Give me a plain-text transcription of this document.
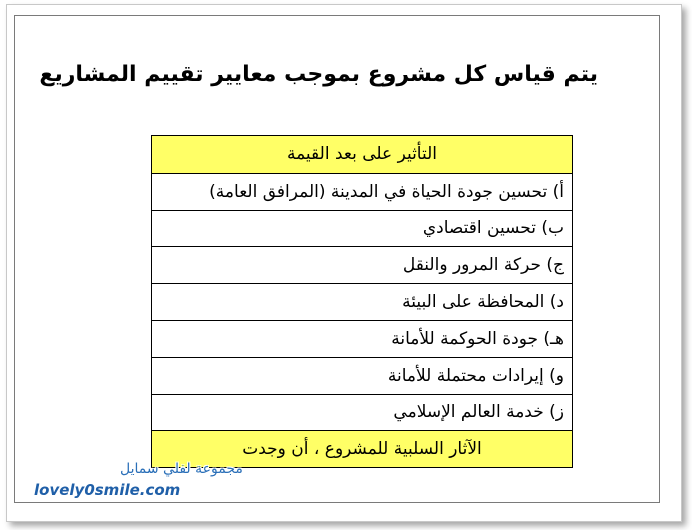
يتم قياس كل مشروع بموجب معايير تقييم المشاريع
التأثير على بعد القيمة
أ) تحسين جودة الحياة في المدينة (المرافق العامة)
ب) تحسين اقتصادي
ج) حركة المرور والنقل
د) المحافظة على البيئة
هـ) جودة الحوكمة للأمانة
و) إيرادات محتملة للأمانة
ز) خدمة العالم الإسلامي
الآثار السلبية للمشروع ، أن وجدت
مجموعة لفلي سمايل
lovely0smile.com
